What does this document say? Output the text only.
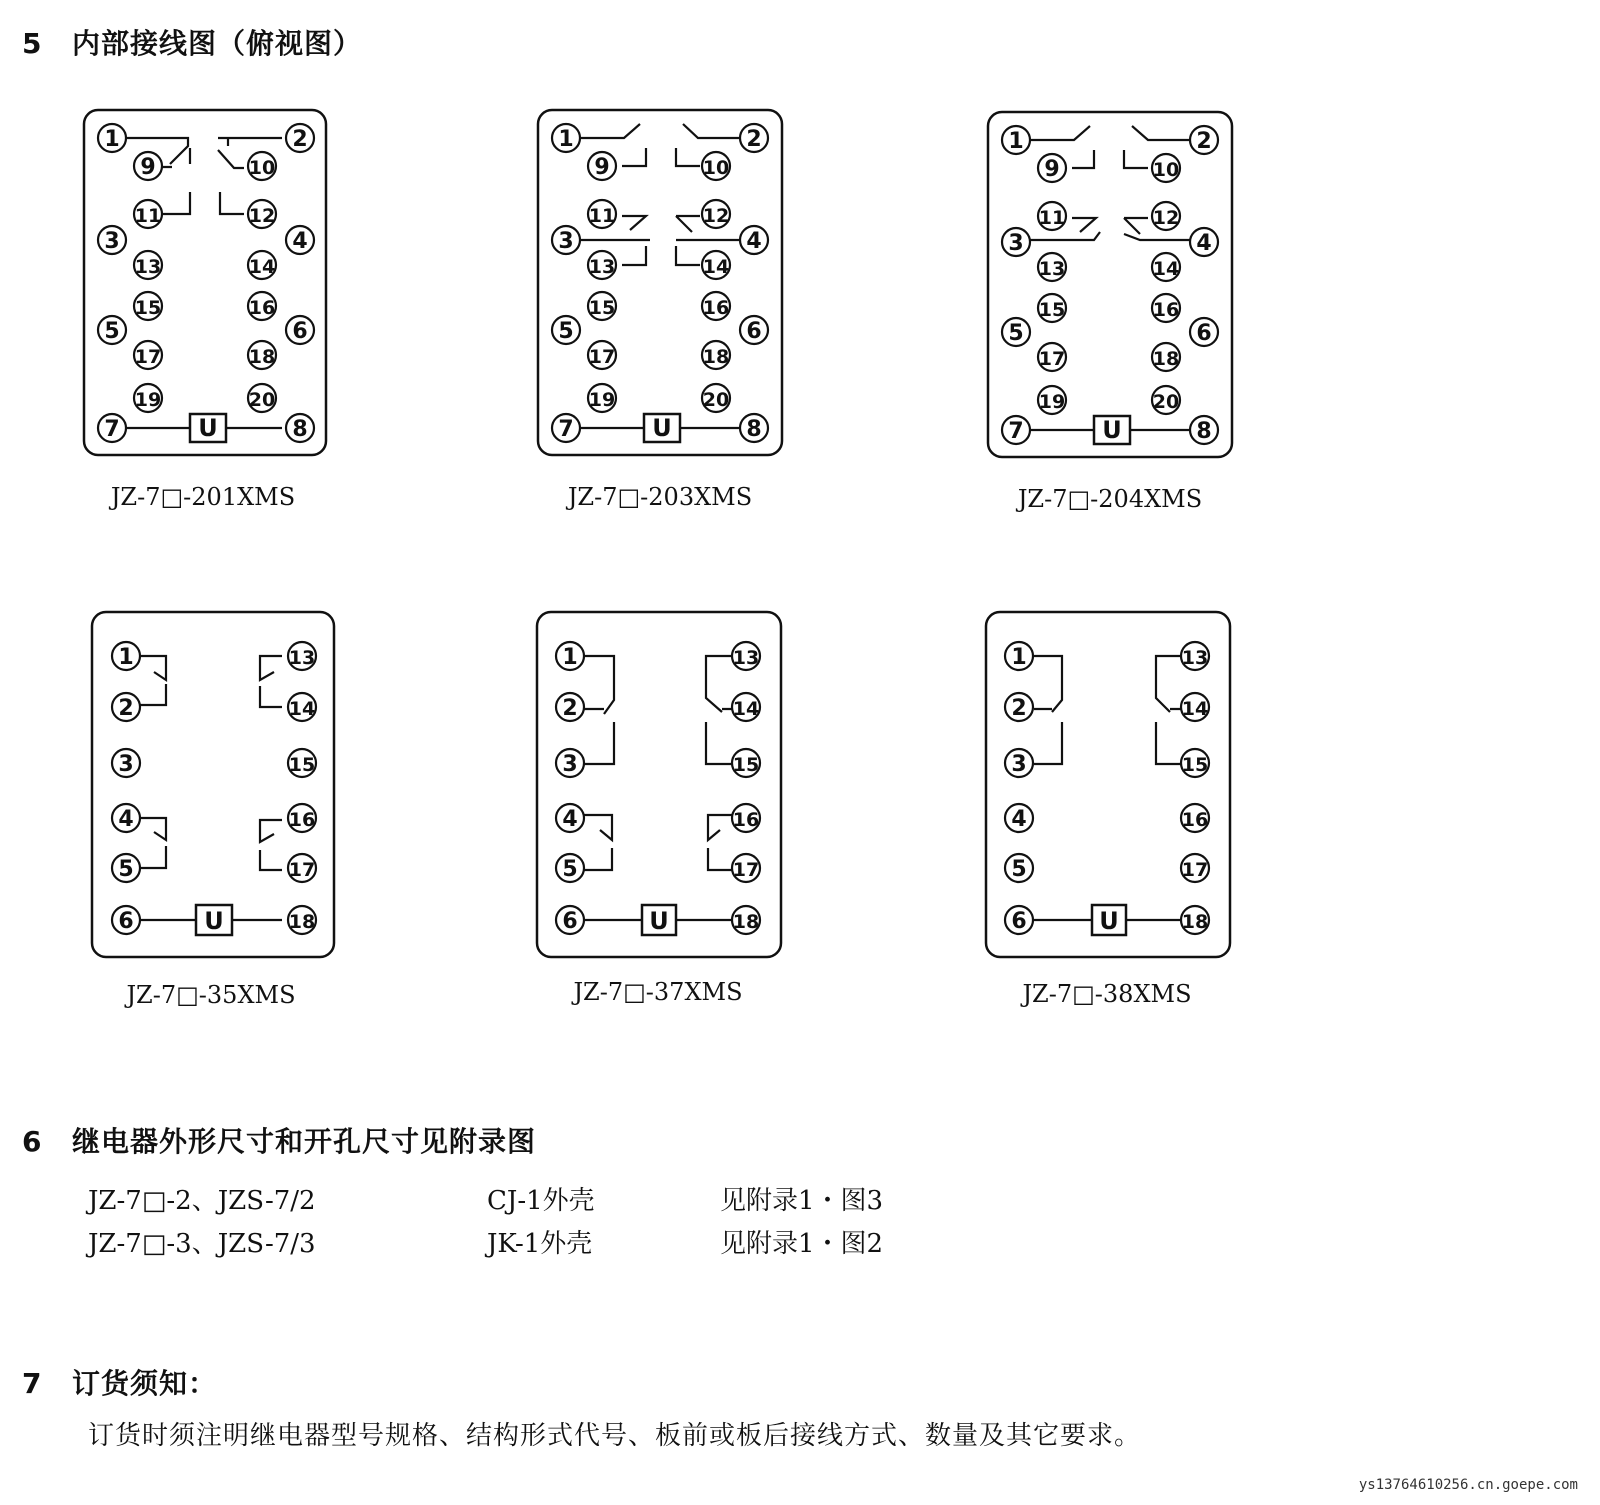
5 内部接线图（俯视图）
1	2
9	10
11	12
3	4
13	14
15	16
5	6
17	18
19	20
7	8
1	2
9	10
11	12
3	4
13	14
15	16
5	6
17	18
19	20
7	8
1	2
9	10
11	12
3	4
13	14
15	16
5	6
17	18
19	20
7	8
1	13
2	14
3	15
4	16
5	17
6	18
1	13
2	14
3	15
4	16
5	17
6	18
1	13
2	14
3	15
4	16
5	17
6	18
U	U	U
U	U	U
JZ-7□-201XMS	JZ-7□-203XMS	JZ-7□-204XMS
JZ-7□-35XMS	JZ-7□-37XMS	JZ-7□-38XMS
6 继电器外形尺寸和开孔尺寸见附录图
JZ-7□-2、JZS-7/2	CJ-1外壳	见附录1・图3
JZ-7□-3、JZS-7/3	JK-1外壳	见附录1・图2
7 订货须知：
订货时须注明继电器型号规格、结构形式代号、板前或板后接线方式、数量及其它要求。
ys13764610256.cn.goepe.com
